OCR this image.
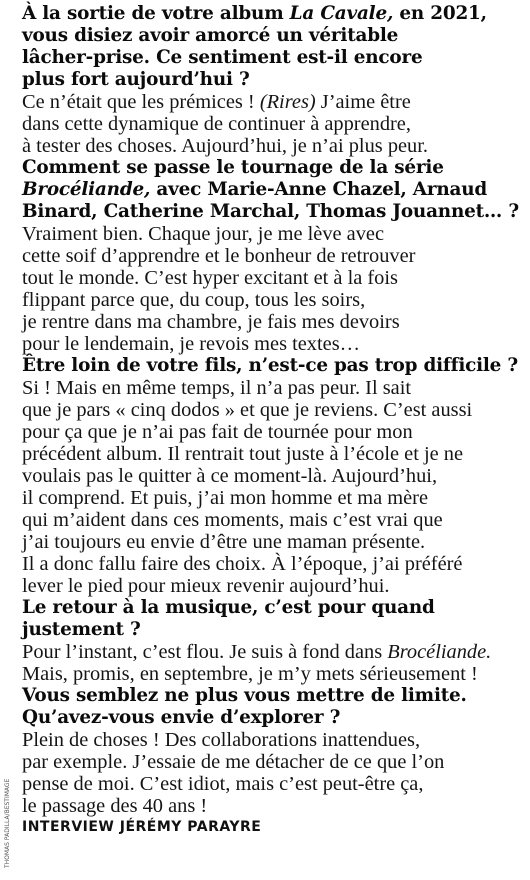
À la sortie de votre album La Cavale, en 2021,
vous disiez avoir amorcé un véritable
lâcher-prise. Ce sentiment est-il encore
plus fort aujourd’hui ?
Ce n’était que les prémices ! (Rires) J’aime être
dans cette dynamique de continuer à apprendre,
à tester des choses. Aujourd’hui, je n’ai plus peur.
Comment se passe le tournage de la série
Brocéliande, avec Marie-Anne Chazel, Arnaud
Binard, Catherine Marchal, Thomas Jouannet… ?
Vraiment bien. Chaque jour, je me lève avec
cette soif d’apprendre et le bonheur de retrouver
tout le monde. C’est hyper excitant et à la fois
flippant parce que, du coup, tous les soirs,
je rentre dans ma chambre, je fais mes devoirs
pour le lendemain, je revois mes textes…
Être loin de votre fils, n’est-ce pas trop difficile ?
Si ! Mais en même temps, il n’a pas peur. Il sait
que je pars « cinq dodos » et que je reviens. C’est aussi
pour ça que je n’ai pas fait de tournée pour mon
précédent album. Il rentrait tout juste à l’école et je ne
voulais pas le quitter à ce moment-là. Aujourd’hui,
il comprend. Et puis, j’ai mon homme et ma mère
qui m’aident dans ces moments, mais c’est vrai que
j’ai toujours eu envie d’être une maman présente.
Il a donc fallu faire des choix. À l’époque, j’ai préféré
lever le pied pour mieux revenir aujourd’hui.
Le retour à la musique, c’est pour quand
justement ?
Pour l’instant, c’est flou. Je suis à fond dans Brocéliande.
Mais, promis, en septembre, je m’y mets sérieusement !
Vous semblez ne plus vous mettre de limite.
Qu’avez-vous envie d’explorer ?
Plein de choses ! Des collaborations inattendues,
par exemple. J’essaie de me détacher de ce que l’on
pense de moi. C’est idiot, mais c’est peut-être ça,
le passage des 40 ans !
INTERVIEW JÉRÉMY PARAYRE
THOMAS PADILLA/BESTIMAGE
